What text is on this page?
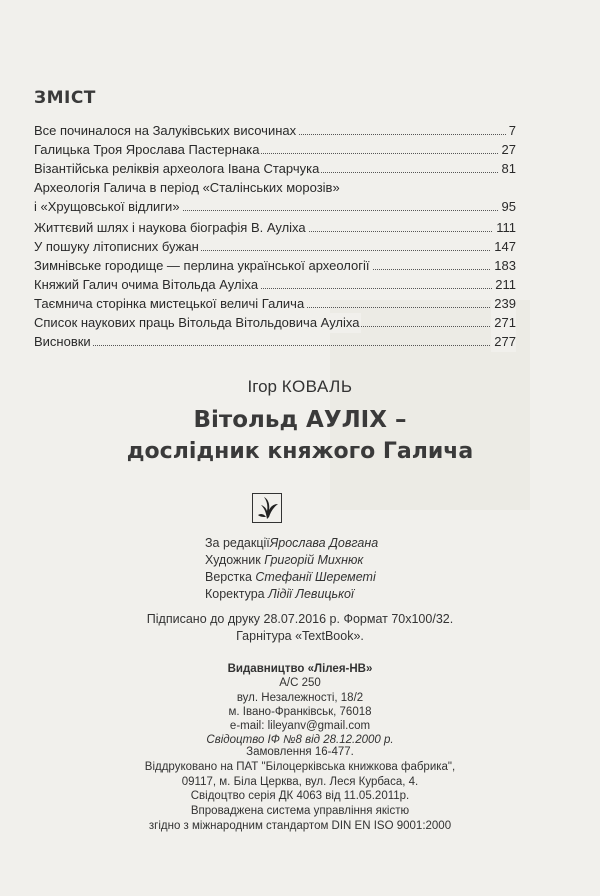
ЗМІСТ
Все починалося на Залуківських височинах	7
Галицька Троя Ярослава Пастернака	27
Візантійська реліквія археолога Івана Старчука	81
Археологія Галича в період «Сталінських морозів»
і «Хрущовської відлиги»	95
Життєвий шлях і наукова біографія В. Ауліха	111
У пошуку літописних бужан	147
Зимнівське городище — перлина української археології	183
Княжий Галич очима Вітольда Ауліха	211
Таємнича сторінка мистецької величі Галича	239
Список наукових праць Вітольда Вітольдовича Ауліха	271
Висновки	277
Ігор КОВАЛЬ
Вітольд АУЛІХ –
дослідник княжого Галича
За редакціїЯрослава Довгана
Художник Григорій Михнюк
Верстка Стефанії Шереметі
Коректура Лідії Левицької
Підписано до друку 28.07.2016 р. Формат 70х100/32.
Гарнітура «TextBook».
Видавництво «Лілея-НВ»
А/С 250
вул. Незалежності, 18/2
м. Івано-Франківськ, 76018
e-mail: lileyanv@gmail.com
Свідоцтво ІФ №8 від 28.12.2000 р.
Замовлення 16-477.
Віддруковано на ПАТ "Білоцерківська книжкова фабрика",
09117, м. Біла Церква, вул. Леся Курбаса, 4.
Свідоцтво серія ДК 4063 від 11.05.2011р.
Впроваджена система управління якістю
згідно з міжнародним стандартом DIN EN ISO 9001:2000
